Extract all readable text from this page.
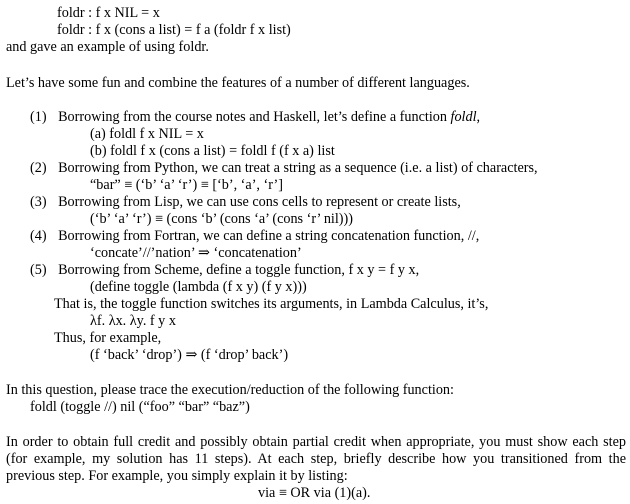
foldr : f x NIL = x
foldr : f x (cons a list) = f a (foldr f x list)
and gave an example of using foldr.
Let’s have some fun and combine the features of a number of different languages.
(1) Borrowing from the course notes and Haskell, let’s define a function foldl,
(a) foldl f x NIL = x
(b) foldl f x (cons a list) = foldl f (f x a) list
(2) Borrowing from Python, we can treat a string as a sequence (i.e. a list) of characters,
“bar” ≡ (‘b’ ‘a’ ‘r’) ≡ [‘b’, ‘a’, ‘r’]
(3) Borrowing from Lisp, we can use cons cells to represent or create lists,
(‘b’ ‘a’ ‘r’) ≡ (cons ‘b’ (cons ‘a’ (cons ‘r’ nil)))
(4) Borrowing from Fortran, we can define a string concatenation function, //,
‘concate’//’nation’ ⇒ ‘concatenation’
(5) Borrowing from Scheme, define a toggle function, f x y = f y x,
(define toggle (lambda (f x y) (f y x)))
That is, the toggle function switches its arguments, in Lambda Calculus, it’s,
λf. λx. λy. f y x
Thus, for example,
(f ‘back’ ‘drop’) ⇒ (f ‘drop’ back’)
In this question, please trace the execution/reduction of the following function:
foldl (toggle //) nil (“foo” “bar” “baz”)
In order to obtain full credit and possibly obtain partial credit when appropriate, you must show each step
(for example, my solution has 11 steps). At each step, briefly describe how you transitioned from the
previous step. For example, you simply explain it by listing:
via ≡ OR via (1)(a).
